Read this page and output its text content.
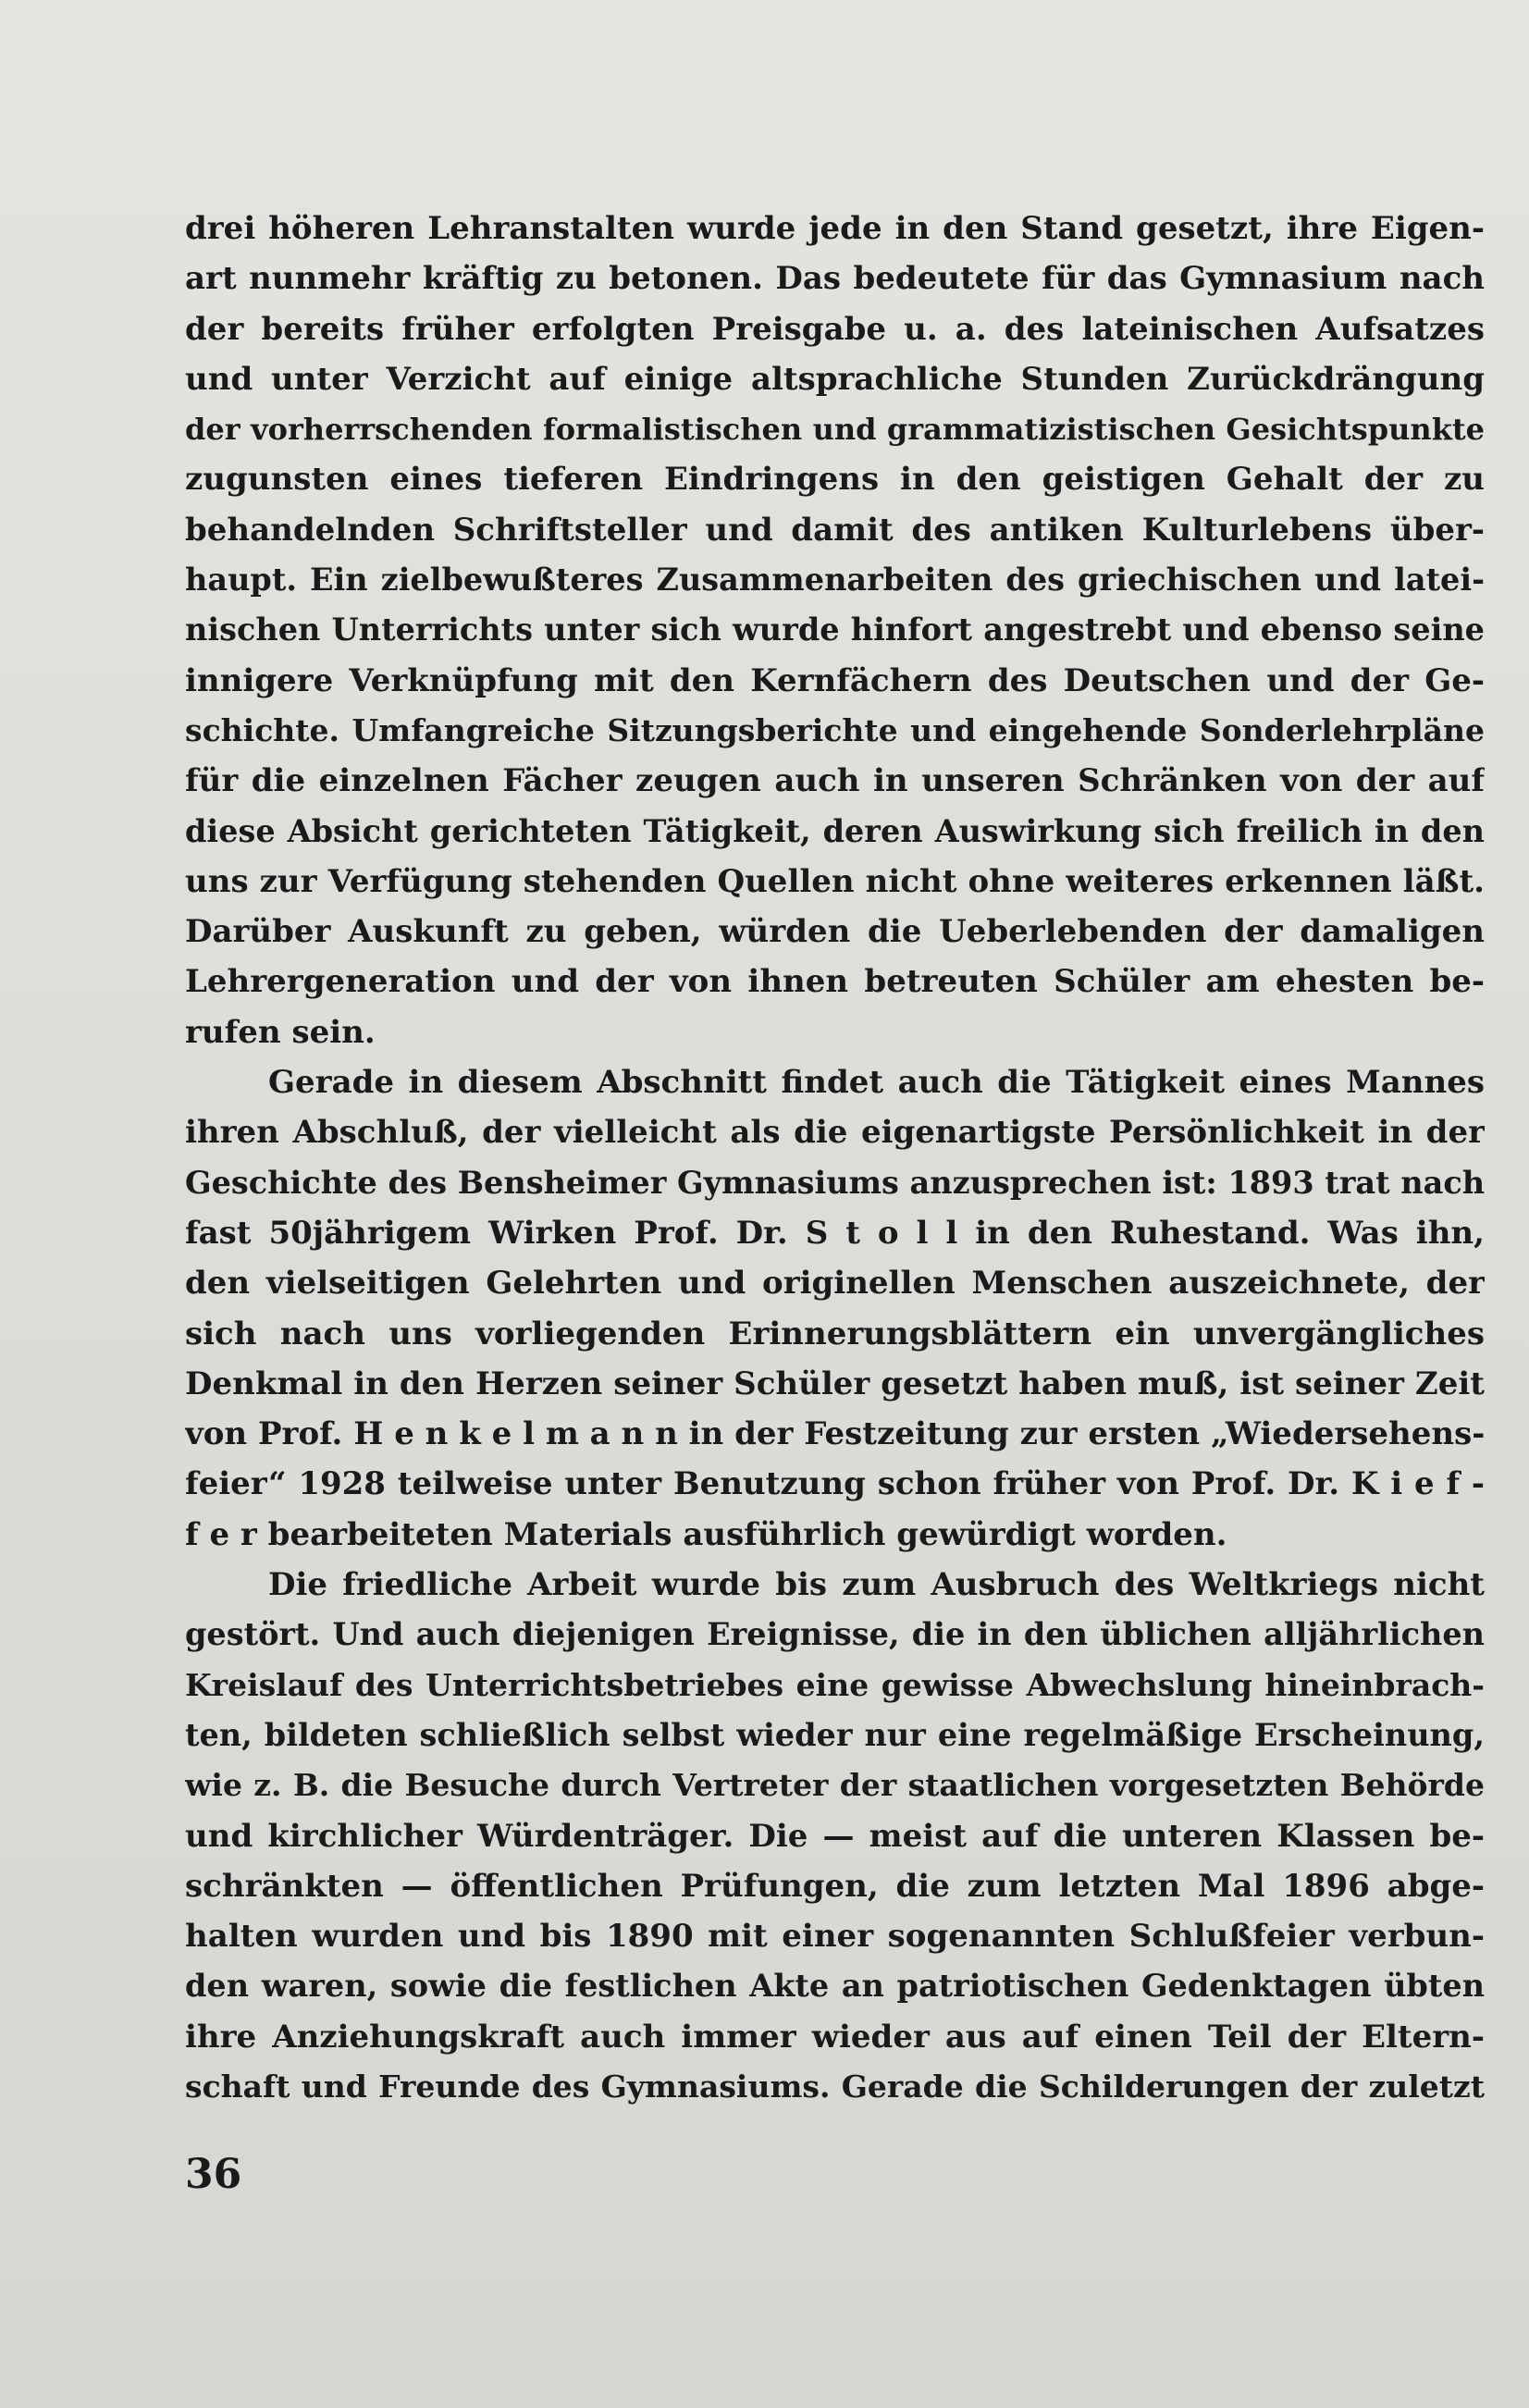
drei höheren Lehranstalten wurde jede in den Stand gesetzt, ihre Eigen-
art nunmehr kräftig zu betonen. Das bedeutete für das Gymnasium nach
der bereits früher erfolgten Preisgabe u. a. des lateinischen Aufsatzes
und unter Verzicht auf einige altsprachliche Stunden Zurückdrängung
der vorherrschenden formalistischen und grammatizistischen Gesichtspunkte
zugunsten eines tieferen Eindringens in den geistigen Gehalt der zu
behandelnden Schriftsteller und damit des antiken Kulturlebens über-
haupt. Ein zielbewußteres Zusammenarbeiten des griechischen und latei-
nischen Unterrichts unter sich wurde hinfort angestrebt und ebenso seine
innigere Verknüpfung mit den Kernfächern des Deutschen und der Ge-
schichte. Umfangreiche Sitzungsberichte und eingehende Sonderlehrpläne
für die einzelnen Fächer zeugen auch in unseren Schränken von der auf
diese Absicht gerichteten Tätigkeit, deren Auswirkung sich freilich in den
uns zur Verfügung stehenden Quellen nicht ohne weiteres erkennen läßt.
Darüber Auskunft zu geben, würden die Ueberlebenden der damaligen
Lehrergeneration und der von ihnen betreuten Schüler am ehesten be-
rufen sein.
Gerade in diesem Abschnitt findet auch die Tätigkeit eines Mannes
ihren Abschluß, der vielleicht als die eigenartigste Persönlichkeit in der
Geschichte des Bensheimer Gymnasiums anzusprechen ist: 1893 trat nach
fast 50jährigem Wirken Prof. Dr. S t o l l in den Ruhestand. Was ihn,
den vielseitigen Gelehrten und originellen Menschen auszeichnete, der
sich nach uns vorliegenden Erinnerungsblättern ein unvergängliches
Denkmal in den Herzen seiner Schüler gesetzt haben muß, ist seiner Zeit
von Prof. H e n k e l m a n n in der Festzeitung zur ersten „Wiedersehens-
feier“ 1928 teilweise unter Benutzung schon früher von Prof. Dr. K i e f -
f e r bearbeiteten Materials ausführlich gewürdigt worden.
Die friedliche Arbeit wurde bis zum Ausbruch des Weltkriegs nicht
gestört. Und auch diejenigen Ereignisse, die in den üblichen alljährlichen
Kreislauf des Unterrichtsbetriebes eine gewisse Abwechslung hineinbrach-
ten, bildeten schließlich selbst wieder nur eine regelmäßige Erscheinung,
wie z. B. die Besuche durch Vertreter der staatlichen vorgesetzten Behörde
und kirchlicher Würdenträger. Die — meist auf die unteren Klassen be-
schränkten — öffentlichen Prüfungen, die zum letzten Mal 1896 abge-
halten wurden und bis 1890 mit einer sogenannten Schlußfeier verbun-
den waren, sowie die festlichen Akte an patriotischen Gedenktagen übten
ihre Anziehungskraft auch immer wieder aus auf einen Teil der Eltern-
schaft und Freunde des Gymnasiums. Gerade die Schilderungen der zuletzt
36
